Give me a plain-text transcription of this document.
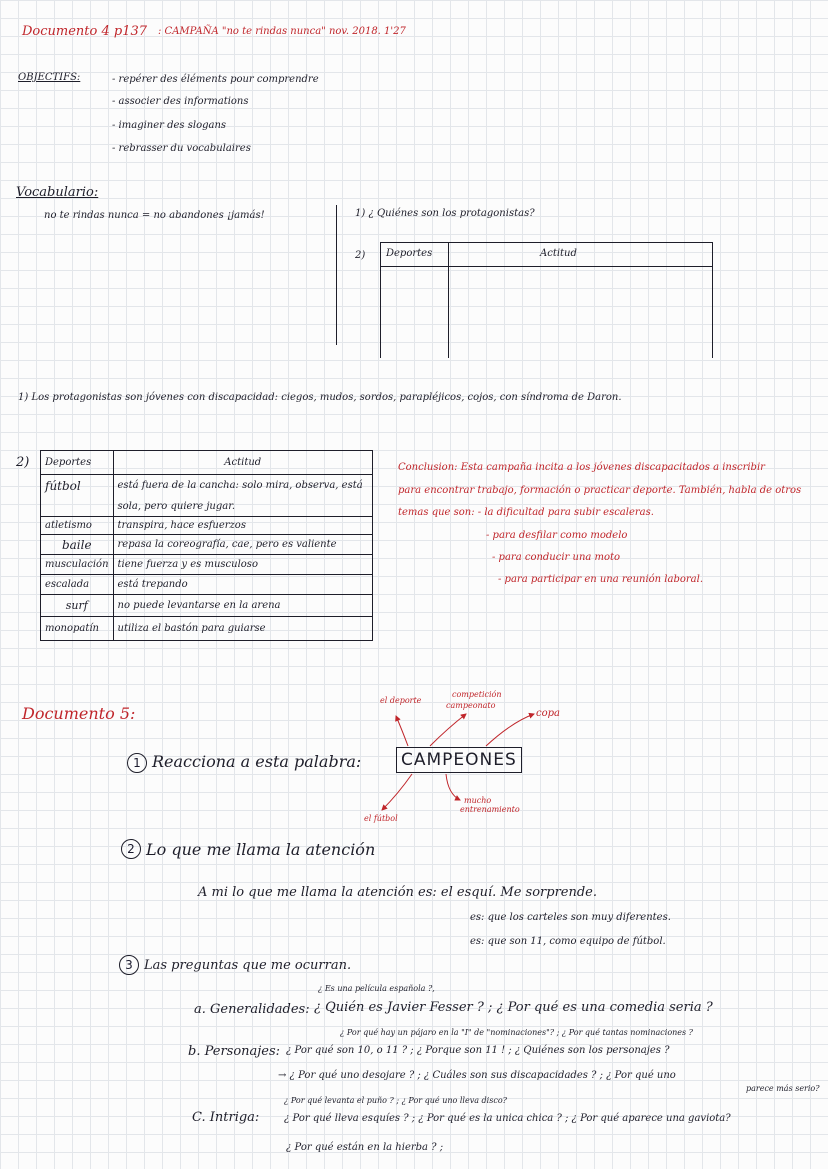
Documento 4 p137 : CAMPAÑA "no te rindas nunca" nov. 2018. 1'27
OBJECTIFS:	- repérer des éléments pour comprendre
- associer des informations
- imaginer des slogans
- rebrasser du vocabulaires
Vocabulario:
no te rindas nunca = no abandones ¡jamás!	1) ¿ Quiénes son los protagonistas?
2) Deportes	Actitud
1) Los protagonistas son jóvenes con discapacidad: ciegos, mudos, sordos, parapléjicos, cojos, con síndroma de Daron.
2) Deportes	Actitud
fútbol	está fuera de la cancha: solo mira, observa, está
	sola, pero quiere jugar.
atletismo	transpira, hace esfuerzos
baile	repasa la coreografía, cae, pero es valiente
musculación	tiene fuerza y es musculoso
escalada	está trepando
surf	no puede levantarse en la arena
monopatín	utiliza el bastón para guiarse
Conclusion: Esta campaña incita a los jóvenes discapacitados a inscribir
para encontrar trabajo, formación o practicar deporte. También, habla de otros
temas que son: - la dificultad para subir escaleras.
- para desfilar como modelo
- para conducir una moto
- para participar en una reunión laboral.
Documento 5:
el deporte
competición
campeonato
copa
el fútbol
mucho
entrenamiento
1 Reacciona a esta palabra: CAMPEONES
2 Lo que me llama la atención
A mi lo que me llama la atención es: el esquí. Me sorprende.
es: que los carteles son muy diferentes.
es: que son 11, como equipo de fútbol.
3 Las preguntas que me ocurran.
¿ Es una película española ?,
a. Generalidades: ¿ Quién es Javier Fesser ? ; ¿ Por qué es una comedia seria ?
¿ Por qué hay un pájaro en la "I" de "nominaciones"? ; ¿ Por qué tantas nominaciones ?
b. Personajes: ¿ Por qué son 10, o 11 ? ; ¿ Porque son 11 ! ; ¿ Quiénes son los personajes ?
→ ¿ Por qué uno desojare ? ; ¿ Cuáles son sus discapacidades ? ; ¿ Por qué uno
parece más serio?
¿ Por qué levanta el puño ? ; ¿ Por qué uno lleva disco?
C. Intriga: ¿ Por qué lleva esquíes ? ; ¿ Por qué es la unica chica ? ; ¿ Por qué aparece una gaviota?
¿ Por qué están en la hierba ? ;
